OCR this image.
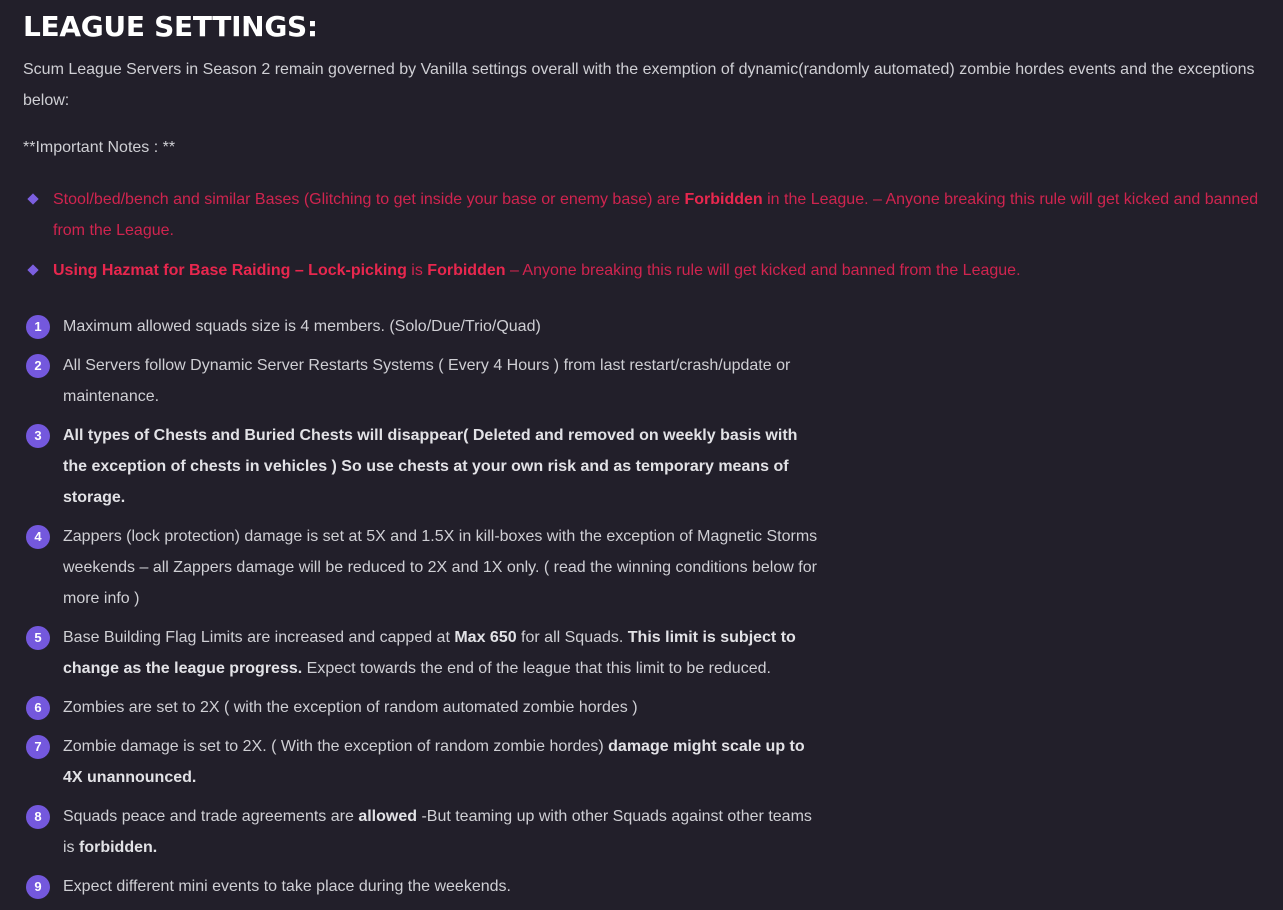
LEAGUE SETTINGS:

Scum League Servers in Season 2 remain governed by Vanilla settings overall with the exemption of dynamic(randomly automated) zombie hordes events and the exceptions below:

**Important Notes : **

Stool/bed/bench and similar Bases (Glitching to get inside your base or enemy base) are Forbidden in the League. – Anyone breaking this rule will get kicked and banned from the League.
Using Hazmat for Base Raiding – Lock-picking is Forbidden – Anyone breaking this rule will get kicked and banned from the League.
1	Maximum allowed squads size is 4 members. (Solo/Due/Trio/Quad)
2	All Servers follow Dynamic Server Restarts Systems ( Every 4 Hours ) from last restart/crash/update or maintenance.
3	All types of Chests and Buried Chests will disappear( Deleted and removed on weekly basis with the exception of chests in vehicles ) So use chests at your own risk and as temporary means of storage.
4	Zappers (lock protection) damage is set at 5X and 1.5X in kill-boxes with the exception of Magnetic Storms weekends – all Zappers damage will be reduced to 2X and 1X only. ( read the winning conditions below for more info )
5	Base Building Flag Limits are increased and capped at Max 650 for all Squads. This limit is subject to change as the league progress. Expect towards the end of the league that this limit to be reduced.
6	Zombies are set to 2X ( with the exception of random automated zombie hordes )
7	Zombie damage is set to 2X. ( With the exception of random zombie hordes) damage might scale up to 4X unannounced.
8	Squads peace and trade agreements are allowed -But teaming up with other Squads against other teams is forbidden.
9	Expect different mini events to take place during the weekends.
